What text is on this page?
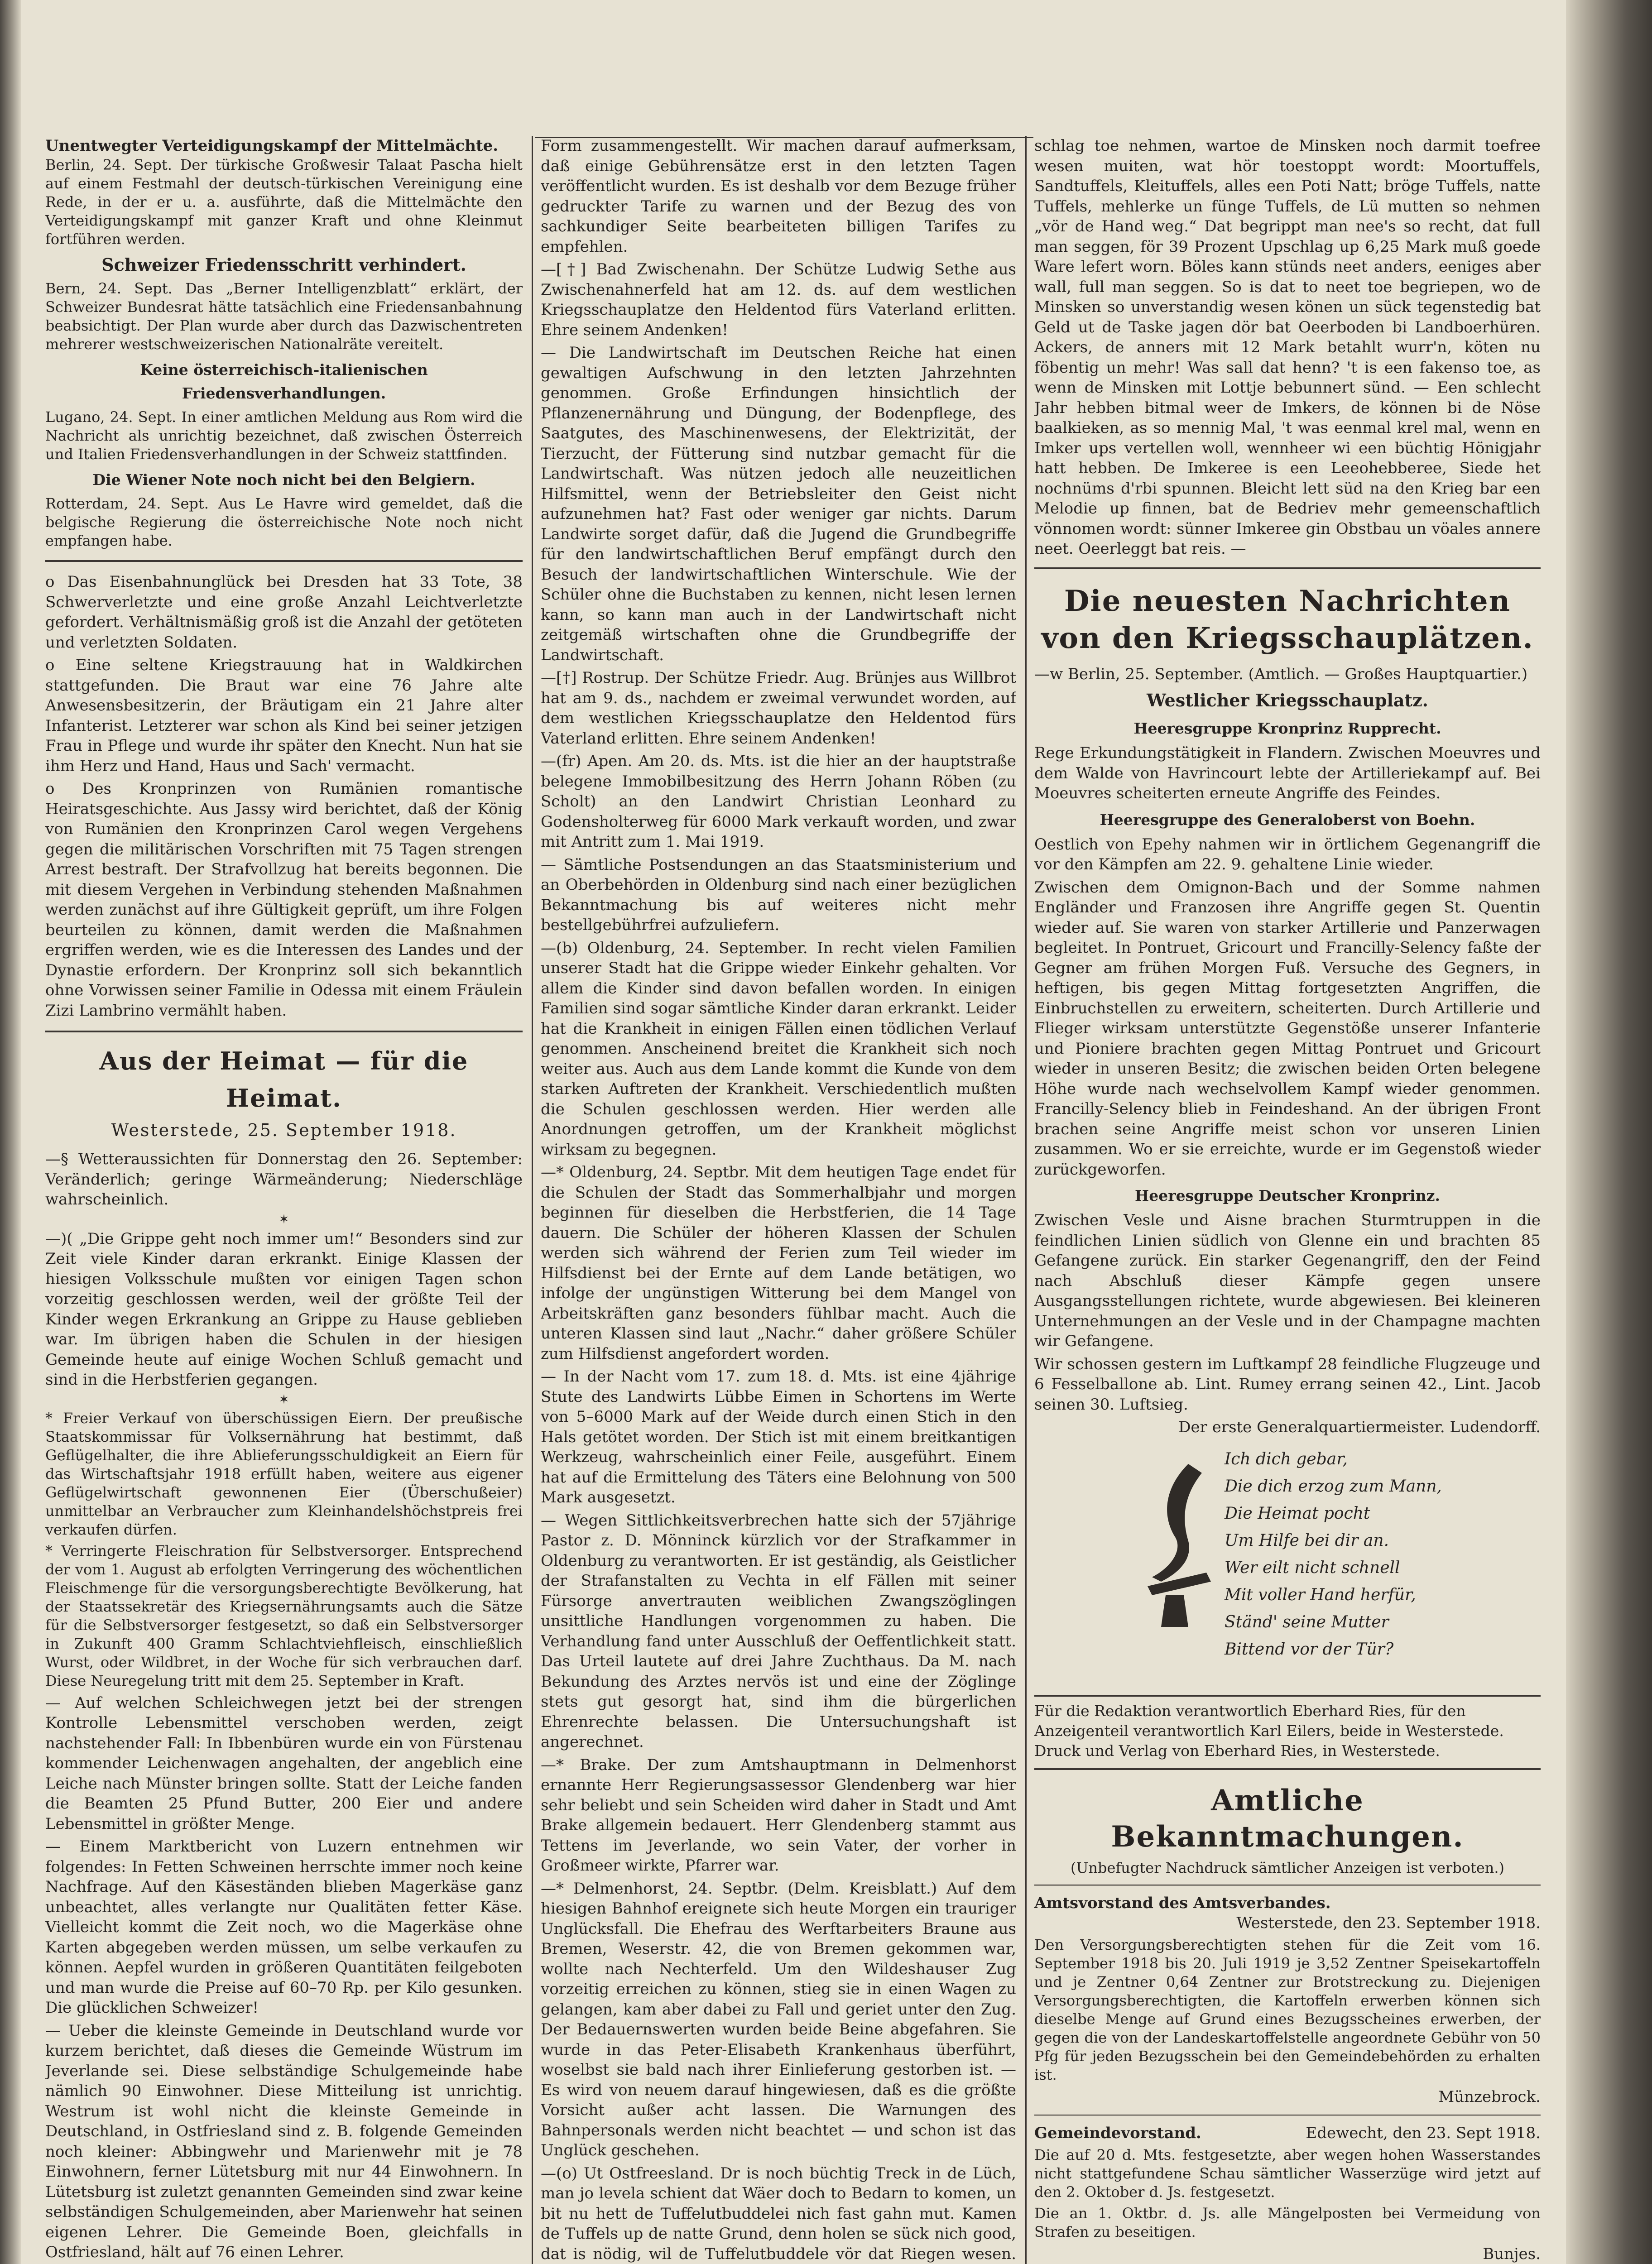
Unentwegter Verteidigungskampf der Mittelmächte.

Berlin, 24. Sept. Der türkische Großwesir Talaat Pascha hielt auf einem Festmahl der deutsch-türkischen Vereinigung eine Rede, in der er u. a. ausführte, daß die Mittelmächte den Verteidigungskampf mit ganzer Kraft und ohne Kleinmut fortführen werden.

Schweizer Friedensschritt verhindert.

Bern, 24. Sept. Das „Berner Intelligenzblatt“ erklärt, der Schweizer Bundesrat hätte tatsächlich eine Friedensanbahnung beabsichtigt. Der Plan wurde aber durch das Dazwischentreten mehrerer westschweizerischen Nationalräte vereitelt.

Keine österreichisch-italienischen Friedensverhandlungen.

Lugano, 24. Sept. In einer amtlichen Meldung aus Rom wird die Nachricht als unrichtig bezeichnet, daß zwischen Österreich und Italien Friedensverhandlungen in der Schweiz stattfinden.

Die Wiener Note noch nicht bei den Belgiern.

Rotterdam, 24. Sept. Aus Le Havre wird gemeldet, daß die belgische Regierung die österreichische Note noch nicht empfangen habe.

o Das Eisenbahnunglück bei Dresden hat 33 Tote, 38 Schwerverletzte und eine große Anzahl Leichtverletzte gefordert. Verhältnismäßig groß ist die Anzahl der getöteten und verletzten Soldaten.

o Eine seltene Kriegstrauung hat in Waldkirchen stattgefunden. Die Braut war eine 76 Jahre alte Anwesensbesitzerin, der Bräutigam ein 21 Jahre alter Infanterist. Letzterer war schon als Kind bei seiner jetzigen Frau in Pflege und wurde ihr später den Knecht. Nun hat sie ihm Herz und Hand, Haus und Sach' vermacht.

o Des Kronprinzen von Rumänien romantische Heiratsgeschichte. Aus Jassy wird berichtet, daß der König von Rumänien den Kronprinzen Carol wegen Vergehens gegen die militärischen Vorschriften mit 75 Tagen strengen Arrest bestraft. Der Strafvollzug hat bereits begonnen. Die mit diesem Vergehen in Verbindung stehenden Maßnahmen werden zunächst auf ihre Gültigkeit geprüft, um ihre Folgen beurteilen zu können, damit werden die Maßnahmen ergriffen werden, wie es die Interessen des Landes und der Dynastie erfordern. Der Kronprinz soll sich bekanntlich ohne Vorwissen seiner Familie in Odessa mit einem Fräulein Zizi Lambrino vermählt haben.

Aus der Heimat — für die Heimat.
Westerstede, 25. September 1918.

—§ Wetteraussichten für Donnerstag den 26. September: Veränderlich; geringe Wärmeänderung; Niederschläge wahrscheinlich.

✶

—)( „Die Grippe geht noch immer um!“ Besonders sind zur Zeit viele Kinder daran erkrankt. Einige Klassen der hiesigen Volksschule mußten vor einigen Tagen schon vorzeitig geschlossen werden, weil der größte Teil der Kinder wegen Erkrankung an Grippe zu Hause geblieben war. Im übrigen haben die Schulen in der hiesigen Gemeinde heute auf einige Wochen Schluß gemacht und sind in die Herbstferien gegangen.

✶

* Freier Verkauf von überschüssigen Eiern. Der preußische Staatskommissar für Volksernährung hat bestimmt, daß Geflügelhalter, die ihre Ablieferungsschuldigkeit an Eiern für das Wirtschaftsjahr 1918 erfüllt haben, weitere aus eigener Geflügelwirtschaft gewonnenen Eier (Überschußeier) unmittelbar an Verbraucher zum Kleinhandelshöchstpreis frei verkaufen dürfen.

* Verringerte Fleischration für Selbstversorger. Entsprechend der vom 1. August ab erfolgten Verringerung des wöchentlichen Fleischmenge für die versorgungsberechtigte Bevölkerung, hat der Staatssekretär des Kriegsernährungsamts auch die Sätze für die Selbstversorger festgesetzt, so daß ein Selbstversorger in Zukunft 400 Gramm Schlachtviehfleisch, einschließlich Wurst, oder Wildbret, in der Woche für sich verbrauchen darf. Diese Neuregelung tritt mit dem 25. September in Kraft.

— Auf welchen Schleichwegen jetzt bei der strengen Kontrolle Lebensmittel verschoben werden, zeigt nachstehender Fall: In Ibbenbüren wurde ein von Fürstenau kommender Leichenwagen angehalten, der angeblich eine Leiche nach Münster bringen sollte. Statt der Leiche fanden die Beamten 25 Pfund Butter, 200 Eier und andere Lebensmittel in größter Menge.

— Einem Marktbericht von Luzern entnehmen wir folgendes: In Fetten Schweinen herrschte immer noch keine Nachfrage. Auf den Käseständen blieben Magerkäse ganz unbeachtet, alles verlangte nur Qualitäten fetter Käse. Vielleicht kommt die Zeit noch, wo die Magerkäse ohne Karten abgegeben werden müssen, um selbe verkaufen zu können. Aepfel wurden in größeren Quantitäten feilgeboten und man wurde die Preise auf 60–70 Rp. per Kilo gesunken. Die glücklichen Schweizer!

— Ueber die kleinste Gemeinde in Deutschland wurde vor kurzem berichtet, daß dieses die Gemeinde Wüstrum im Jeverlande sei. Diese selbständige Schulgemeinde habe nämlich 90 Einwohner. Diese Mitteilung ist unrichtig. Westrum ist wohl nicht die kleinste Gemeinde in Deutschland, in Ostfriesland sind z. B. folgende Gemeinden noch kleiner: Abbingwehr und Marienwehr mit je 78 Einwohnern, ferner Lütetsburg mit nur 44 Einwohnern. In Lütetsburg ist zuletzt genannten Gemeinden sind zwar keine selbständigen Schulgemeinden, aber Marienwehr hat seinen eigenen Lehrer. Die Gemeinde Boen, gleichfalls in Ostfriesland, hält auf 76 einen Lehrer.

Form zusammengestellt. Wir machen darauf aufmerksam, daß einige Gebührensätze erst in den letzten Tagen veröffentlicht wurden. Es ist deshalb vor dem Bezuge früher gedruckter Tarife zu warnen und der Bezug des von sachkundiger Seite bearbeiteten billigen Tarifes zu empfehlen.

—[†] Bad Zwischenahn. Der Schütze Ludwig Sethe aus Zwischenahnerfeld hat am 12. ds. auf dem westlichen Kriegsschauplatze den Heldentod fürs Vaterland erlitten. Ehre seinem Andenken!

— Die Landwirtschaft im Deutschen Reiche hat einen gewaltigen Aufschwung in den letzten Jahrzehnten genommen. Große Erfindungen hinsichtlich der Pflanzenernährung und Düngung, der Bodenpflege, des Saatgutes, des Maschinenwesens, der Elektrizität, der Tierzucht, der Fütterung sind nutzbar gemacht für die Landwirtschaft. Was nützen jedoch alle neuzeitlichen Hilfsmittel, wenn der Betriebsleiter den Geist nicht aufzunehmen hat? Fast oder weniger gar nichts. Darum Landwirte sorget dafür, daß die Jugend die Grundbegriffe für den landwirtschaftlichen Beruf empfängt durch den Besuch der landwirtschaftlichen Winterschule. Wie der Schüler ohne die Buchstaben zu kennen, nicht lesen lernen kann, so kann man auch in der Landwirtschaft nicht zeitgemäß wirtschaften ohne die Grundbegriffe der Landwirtschaft.

—[†] Rostrup. Der Schütze Friedr. Aug. Brünjes aus Willbrot hat am 9. ds., nachdem er zweimal verwundet worden, auf dem westlichen Kriegsschauplatze den Heldentod fürs Vaterland erlitten. Ehre seinem Andenken!

—(fr) Apen. Am 20. ds. Mts. ist die hier an der hauptstraße belegene Immobilbesitzung des Herrn Johann Röben (zu Scholt) an den Landwirt Christian Leonhard zu Godensholterweg für 6000 Mark verkauft worden, und zwar mit Antritt zum 1. Mai 1919.

— Sämtliche Postsendungen an das Staatsministerium und an Oberbehörden in Oldenburg sind nach einer bezüglichen Bekanntmachung bis auf weiteres nicht mehr bestellgebührfrei aufzuliefern.

—(b) Oldenburg, 24. September. In recht vielen Familien unserer Stadt hat die Grippe wieder Einkehr gehalten. Vor allem die Kinder sind davon befallen worden. In einigen Familien sind sogar sämtliche Kinder daran erkrankt. Leider hat die Krankheit in einigen Fällen einen tödlichen Verlauf genommen. Anscheinend breitet die Krankheit sich noch weiter aus. Auch aus dem Lande kommt die Kunde von dem starken Auftreten der Krankheit. Verschiedentlich mußten die Schulen geschlossen werden. Hier werden alle Anordnungen getroffen, um der Krankheit möglichst wirksam zu begegnen.

—* Oldenburg, 24. Septbr. Mit dem heutigen Tage endet für die Schulen der Stadt das Sommerhalbjahr und morgen beginnen für dieselben die Herbstferien, die 14 Tage dauern. Die Schüler der höheren Klassen der Schulen werden sich während der Ferien zum Teil wieder im Hilfsdienst bei der Ernte auf dem Lande betätigen, wo infolge der ungünstigen Witterung bei dem Mangel von Arbeitskräften ganz besonders fühlbar macht. Auch die unteren Klassen sind laut „Nachr.“ daher größere Schüler zum Hilfsdienst angefordert worden.

— In der Nacht vom 17. zum 18. d. Mts. ist eine 4jährige Stute des Landwirts Lübbe Eimen in Schortens im Werte von 5–6000 Mark auf der Weide durch einen Stich in den Hals getötet worden. Der Stich ist mit einem breitkantigen Werkzeug, wahrscheinlich einer Feile, ausgeführt. Einem hat auf die Ermittelung des Täters eine Belohnung von 500 Mark ausgesetzt.

— Wegen Sittlichkeitsverbrechen hatte sich der 57jährige Pastor z. D. Mönninck kürzlich vor der Strafkammer in Oldenburg zu verantworten. Er ist geständig, als Geistlicher der Strafanstalten zu Vechta in elf Fällen mit seiner Fürsorge anvertrauten weiblichen Zwangszöglingen unsittliche Handlungen vorgenommen zu haben. Die Verhandlung fand unter Ausschluß der Oeffentlichkeit statt. Das Urteil lautete auf drei Jahre Zuchthaus. Da M. nach Bekundung des Arztes nervös ist und eine der Zöglinge stets gut gesorgt hat, sind ihm die bürgerlichen Ehrenrechte belassen. Die Untersuchungshaft ist angerechnet.

—* Brake. Der zum Amtshauptmann in Delmenhorst ernannte Herr Regierungsassessor Glendenberg war hier sehr beliebt und sein Scheiden wird daher in Stadt und Amt Brake allgemein bedauert. Herr Glendenberg stammt aus Tettens im Jeverlande, wo sein Vater, der vorher in Großmeer wirkte, Pfarrer war.

—* Delmenhorst, 24. Septbr. (Delm. Kreisblatt.) Auf dem hiesigen Bahnhof ereignete sich heute Morgen ein trauriger Unglücksfall. Die Ehefrau des Werftarbeiters Braune aus Bremen, Weserstr. 42, die von Bremen gekommen war, wollte nach Nechterfeld. Um den Wildeshauser Zug vorzeitig erreichen zu können, stieg sie in einen Wagen zu gelangen, kam aber dabei zu Fall und geriet unter den Zug. Der Bedauernswerten wurden beide Beine abgefahren. Sie wurde in das Peter-Elisabeth Krankenhaus überführt, woselbst sie bald nach ihrer Einlieferung gestorben ist. — Es wird von neuem darauf hingewiesen, daß es die größte Vorsicht außer acht lassen. Die Warnungen des Bahnpersonals werden nicht beachtet — und schon ist das Unglück geschehen.

—(o) Ut Ostfreesland. Dr is noch büchtig Treck in de Lüch, man jo levela schient dat Wäer doch to Bedarn to komen, un bit nu hett de Tuffelutbuddelei nich fast gahn mut. Kamen de Tuffels up de natte Grund, denn holen se sück nich good, dat is nödig, wil de Tuffelutbuddele vör dat Riegen wesen.

schlag toe nehmen, wartoe de Minsken noch darmit toefree wesen muiten, wat hör toestoppt wordt: Moortuffels, Sandtuffels, Kleituffels, alles een Poti Natt; bröge Tuffels, natte Tuffels, mehlerke un fünge Tuffels, de Lü mutten so nehmen „vör de Hand weg.“ Dat begrippt man nee's so recht, dat full man seggen, för 39 Prozent Upschlag up 6,25 Mark muß goede Ware lefert worn. Böles kann stünds neet anders, eeniges aber wall, full man seggen. So is dat to neet toe begriepen, wo de Minsken so unverstandig wesen könen un sück tegenstedig bat Geld ut de Taske jagen dör bat Oeerboden bi Landboerhüren. Ackers, de anners mit 12 Mark betahlt wurr'n, köten nu föbentig un mehr! Was sall dat henn? 't is een fakenso toe, as wenn de Minsken mit Lottje bebunnert sünd. — Een schlecht Jahr hebben bitmal weer de Imkers, de können bi de Nöse baalkieken, as so mennig Mal, 't was eenmal krel mal, wenn en Imker ups vertellen woll, wennheer wi een büchtig Hönigjahr hatt hebben. De Imkeree is een Leeohebberee, Siede het nochnüms d'rbi spunnen. Bleicht lett süd na den Krieg bar een Melodie up finnen, bat de Bedriev mehr gemeenschaftlich vönnomen wordt: sünner Imkeree gin Obstbau un vöales annere neet. Oeerleggt bat reis. —

Die neuesten Nachrichten von den Kriegsschauplätzen.

—w Berlin, 25. September. (Amtlich. — Großes Hauptquartier.)

Westlicher Kriegsschauplatz.
Heeresgruppe Kronprinz Rupprecht.

Rege Erkundungstätigkeit in Flandern. Zwischen Moeuvres und dem Walde von Havrincourt lebte der Artilleriekampf auf. Bei Moeuvres scheiterten erneute Angriffe des Feindes.

Heeresgruppe des Generaloberst von Boehn.

Oestlich von Epehy nahmen wir in örtlichem Gegenangriff die vor den Kämpfen am 22. 9. gehaltene Linie wieder.

Zwischen dem Omignon-Bach und der Somme nahmen Engländer und Franzosen ihre Angriffe gegen St. Quentin wieder auf. Sie waren von starker Artillerie und Panzerwagen begleitet. In Pontruet, Gricourt und Francilly-Selency faßte der Gegner am frühen Morgen Fuß. Versuche des Gegners, in heftigen, bis gegen Mittag fortgesetzten Angriffen, die Einbruchstellen zu erweitern, scheiterten. Durch Artillerie und Flieger wirksam unterstützte Gegenstöße unserer Infanterie und Pioniere brachten gegen Mittag Pontruet und Gricourt wieder in unseren Besitz; die zwischen beiden Orten belegene Höhe wurde nach wechselvollem Kampf wieder genommen. Francilly-Selency blieb in Feindeshand. An der übrigen Front brachen seine Angriffe meist schon vor unseren Linien zusammen. Wo er sie erreichte, wurde er im Gegenstoß wieder zurückgeworfen.

Heeresgruppe Deutscher Kronprinz.

Zwischen Vesle und Aisne brachen Sturmtruppen in die feindlichen Linien südlich von Glenne ein und brachten 85 Gefangene zurück. Ein starker Gegenangriff, den der Feind nach Abschluß dieser Kämpfe gegen unsere Ausgangsstellungen richtete, wurde abgewiesen. Bei kleineren Unternehmungen an der Vesle und in der Champagne machten wir Gefangene.

Wir schossen gestern im Luftkampf 28 feindliche Flugzeuge und 6 Fesselballone ab. Lint. Rumey errang seinen 42., Lint. Jacob seinen 30. Luftsieg.

Der erste Generalquartiermeister. Ludendorff.

Ich dich gebar,
Die dich erzog zum Mann,
Die Heimat pocht
Um Hilfe bei dir an.
Wer eilt nicht schnell
Mit voller Hand herfür,
Ständ' seine Mutter
Bittend vor der Tür?

Für die Redaktion verantwortlich Eberhard Ries, für den Anzeigenteil verantwortlich Karl Eilers, beide in Westerstede. Druck und Verlag von Eberhard Ries, in Westerstede.

Amtliche Bekanntmachungen.

(Unbefugter Nachdruck sämtlicher Anzeigen ist verboten.)

Amtsvorstand des Amtsverbandes.

Westerstede, den 23. September 1918.

Den Versorgungsberechtigten stehen für die Zeit vom 16. September 1918 bis 20. Juli 1919 je 3,52 Zentner Speisekartoffeln und je Zentner 0,64 Zentner zur Brotstreckung zu. Diejenigen Versorgungsberechtigten, die Kartoffeln erwerben können sich dieselbe Menge auf Grund eines Bezugsscheines erwerben, der gegen die von der Landeskartoffelstelle angeordnete Gebühr von 50 Pfg für jeden Bezugsschein bei den Gemeindebehörden zu erhalten ist.

Münzebrock.

Gemeindevorstand.	Edewecht, den 23. Sept 1918.

Die auf 20 d. Mts. festgesetzte, aber wegen hohen Wasserstandes nicht stattgefundene Schau sämtlicher Wasserzüge wird jetzt auf den 2. Oktober d. Js. festgesetzt.

Die an 1. Oktbr. d. Js. alle Mängelposten bei Vermeidung von Strafen zu beseitigen.

Bunjes.
